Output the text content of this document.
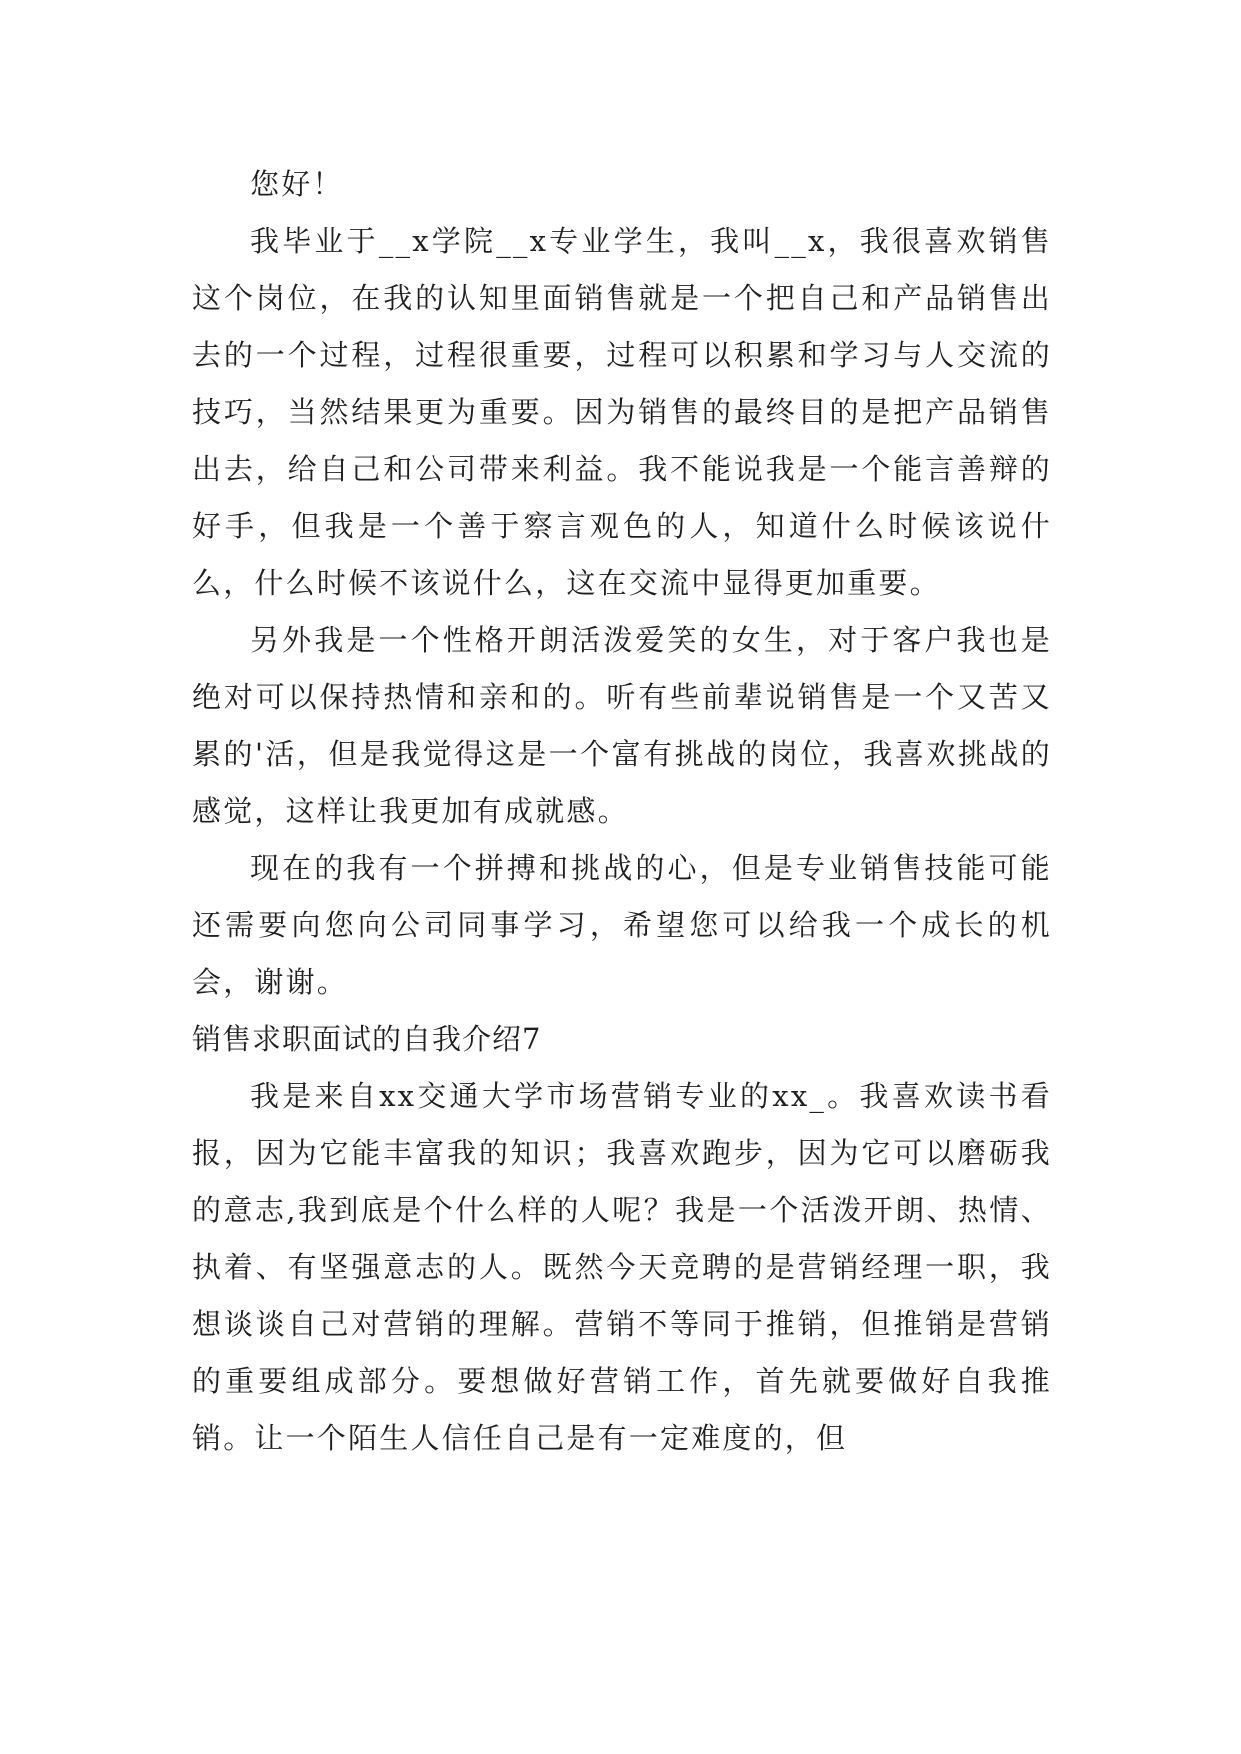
您好！

我毕业于__x学院__x专业学生，我叫__x，我很喜欢销售这个岗位，在我的认知里面销售就是一个把自己和产品销售出去的一个过程，过程很重要，过程可以积累和学习与人交流的技巧，当然结果更为重要。因为销售的最终目的是把产品销售出去，给自己和公司带来利益。我不能说我是一个能言善辩的好手，但我是一个善于察言观色的人，知道什么时候该说什么，什么时候不该说什么，这在交流中显得更加重要。

另外我是一个性格开朗活泼爱笑的女生，对于客户我也是绝对可以保持热情和亲和的。听有些前辈说销售是一个又苦又累的'活，但是我觉得这是一个富有挑战的岗位，我喜欢挑战的感觉，这样让我更加有成就感。

现在的我有一个拼搏和挑战的心，但是专业销售技能可能还需要向您向公司同事学习，希望您可以给我一个成长的机会，谢谢。

销售求职面试的自我介绍7

我是来自xx交通大学市场营销专业的xx_。我喜欢读书看报，因为它能丰富我的知识；我喜欢跑步，因为它可以磨砺我的意志,我到底是个什么样的人呢？我是一个活泼开朗、热情、执着、有坚强意志的人。既然今天竞聘的是营销经理一职，我想谈谈自己对营销的理解。营销不等同于推销，但推销是营销的重要组成部分。要想做好营销工作，首先就要做好自我推销。让一个陌生人信任自己是有一定难度的，但
